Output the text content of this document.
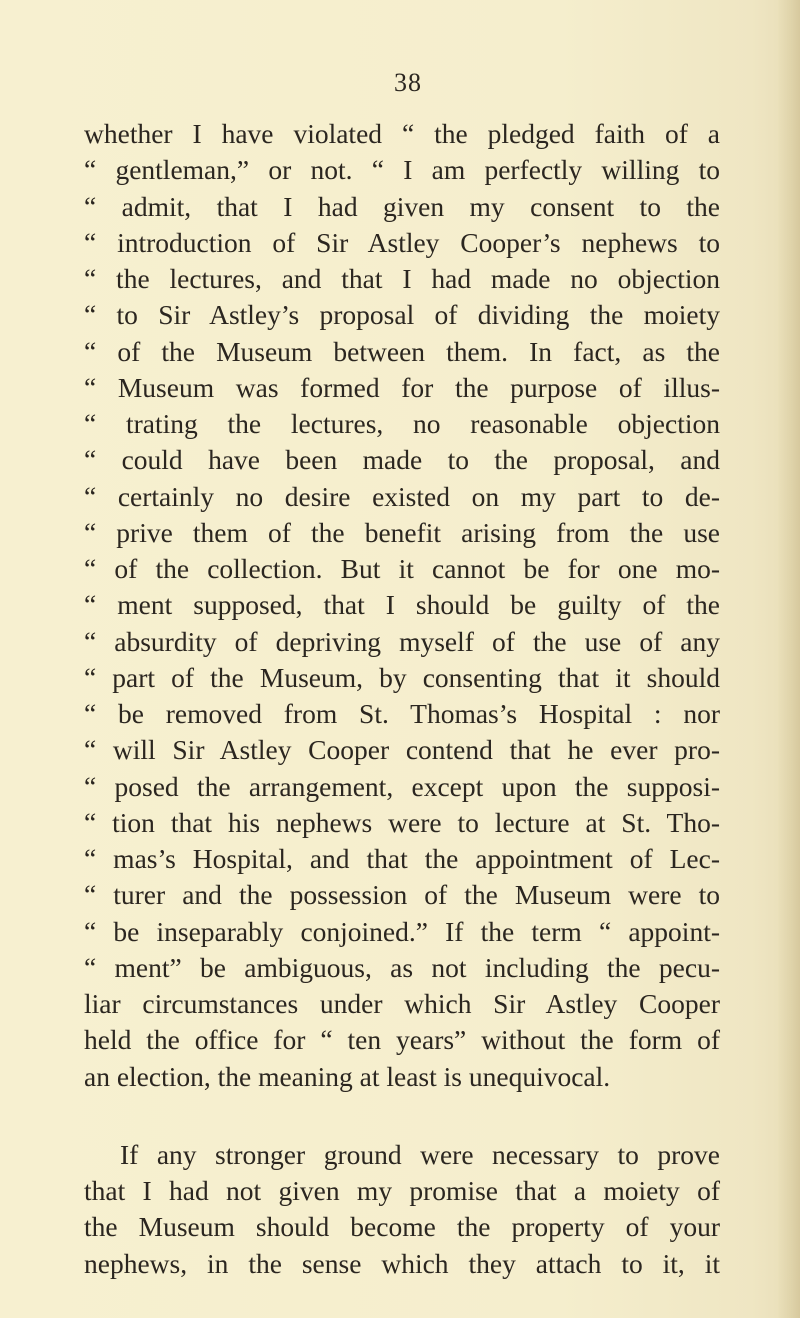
38
whether I have violated “ the pledged faith of a
“ gentleman,” or not. “ I am perfectly willing to
“ admit, that I had given my consent to the
“ introduction of Sir Astley Cooper’s nephews to
“ the lectures, and that I had made no objection
“ to Sir Astley’s proposal of dividing the moiety
“ of the Museum between them. In fact, as the
“ Museum was formed for the purpose of illus-
“ trating the lectures, no reasonable objection
“ could have been made to the proposal, and
“ certainly no desire existed on my part to de-
“ prive them of the benefit arising from the use
“ of the collection. But it cannot be for one mo-
“ ment supposed, that I should be guilty of the
“ absurdity of depriving myself of the use of any
“ part of the Museum, by consenting that it should
“ be removed from St. Thomas’s Hospital : nor
“ will Sir Astley Cooper contend that he ever pro-
“ posed the arrangement, except upon the supposi-
“ tion that his nephews were to lecture at St. Tho-
“ mas’s Hospital, and that the appointment of Lec-
“ turer and the possession of the Museum were to
“ be inseparably conjoined.” If the term “ appoint-
“ ment” be ambiguous, as not including the pecu-
liar circumstances under which Sir Astley Cooper
held the office for “ ten years” without the form of
an election, the meaning at least is unequivocal.
If any stronger ground were necessary to prove
that I had not given my promise that a moiety of
the Museum should become the property of your
nephews, in the sense which they attach to it, it
